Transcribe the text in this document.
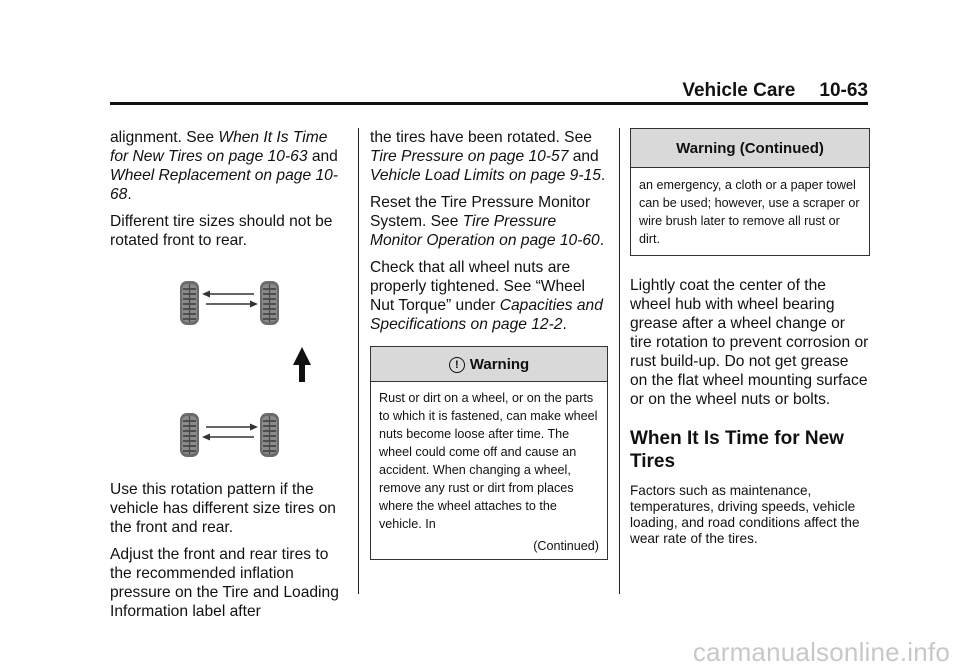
Vehicle Care 10-63

alignment. See When It Is Time for New Tires on page 10-63 and Wheel Replacement on page 10-68.

Different tire sizes should not be rotated front to rear.

Use this rotation pattern if the vehicle has different size tires on the front and rear.

Adjust the front and rear tires to the recommended inflation pressure on the Tire and Loading Information label after

the tires have been rotated. See Tire Pressure on page 10-57 and Vehicle Load Limits on page 9-15.

Reset the Tire Pressure Monitor System. See Tire Pressure Monitor Operation on page 10-60.

Check that all wheel nuts are properly tightened. See “Wheel Nut Torque” under Capacities and Specifications on page 12-2.

! Warning
Rust or dirt on a wheel, or on the parts to which it is fastened, can make wheel nuts become loose after time. The wheel could come off and cause an accident. When changing a wheel, remove any rust or dirt from places where the wheel attaches to the vehicle. In
(Continued)
Warning (Continued)
an emergency, a cloth or a paper towel can be used; however, use a scraper or wire brush later to remove all rust or dirt.

Lightly coat the center of the wheel hub with wheel bearing grease after a wheel change or tire rotation to prevent corrosion or rust build-up. Do not get grease on the flat wheel mounting surface or on the wheel nuts or bolts.

When It Is Time for New Tires

Factors such as maintenance, temperatures, driving speeds, vehicle loading, and road conditions affect the wear rate of the tires.

carmanualsonline.info
